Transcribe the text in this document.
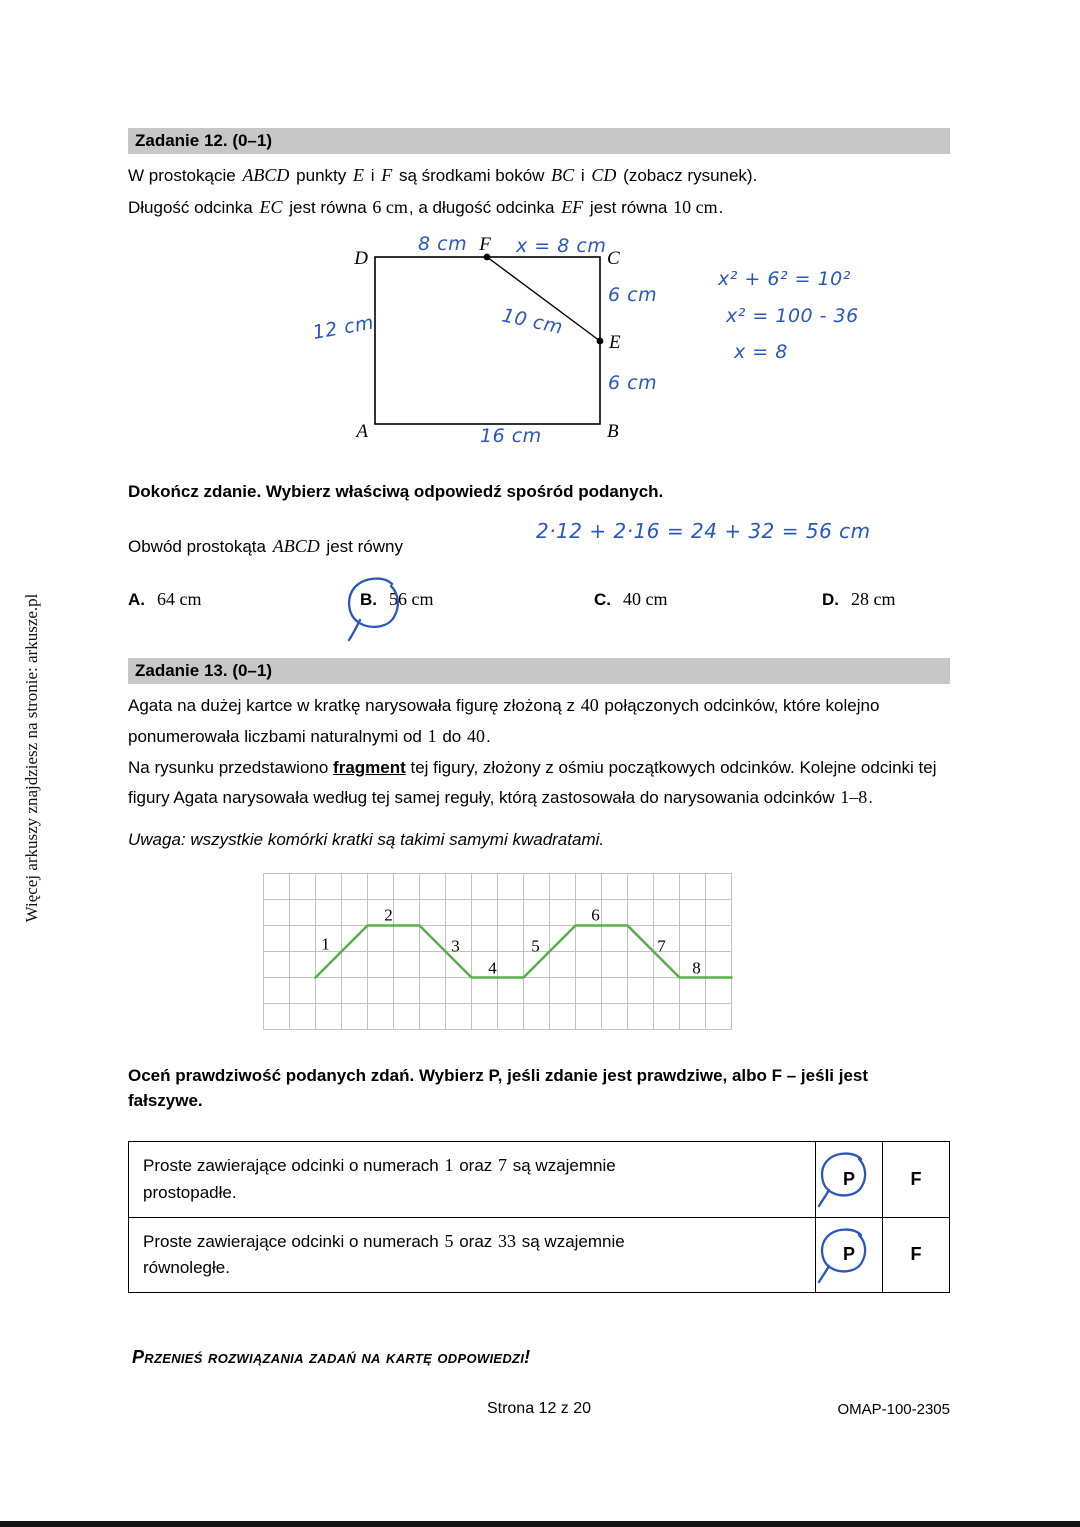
Więcej arkuszy znajdziesz na stronie: arkusze.pl
Zadanie 12. (0–1)

W prostokącie ABCD punkty E i F są środkami boków BC i CD (zobacz rysunek).
Długość odcinka EC jest równa 6 cm, a długość odcinka EF jest równa 10 cm.

D
F
C
E
A	B
8 cm	x = 8 cm
6 cm
10 cm
12 cm
6 cm
16 cm
x² + 6² = 10²
x² = 100 - 36
x = 8

Dokończ zdanie. Wybierz właściwą odpowiedź spośród podanych.

Obwód prostokąta ABCD jest równy

2·12 + 2·16 = 24 + 32 = 56 cm
A. 64 cm	B. 56 cm	C. 40 cm	D. 28 cm
Zadanie 13. (0–1)

Agata na dużej kartce w kratkę narysowała figurę złożoną z 40 połączonych odcinków, które kolejno ponumerowała liczbami naturalnymi od 1 do 40.

Na rysunku przedstawiono fragment tej figury, złożony z ośmiu początkowych odcinków. Kolejne odcinki tej figury Agata narysowała według tej samej reguły, którą zastosowała do narysowania odcinków 1–8.

Uwaga: wszystkie komórki kratki są takimi samymi kwadratami.

1
2
3
4
5
6
7
8

Oceń prawdziwość podanych zdań. Wybierz P, jeśli zdanie jest prawdziwe, albo F – jeśli jest fałszywe.

Proste zawierające odcinki o numerach 1 oraz 7 są wzajemnie prostopadłe.	P	F

Proste zawierające odcinki o numerach 5 oraz 33 są wzajemnie równoległe.	P	F

Przenieś rozwiązania zadań na kartę odpowiedzi!

Strona 12 z 20	OMAP-100-2305
